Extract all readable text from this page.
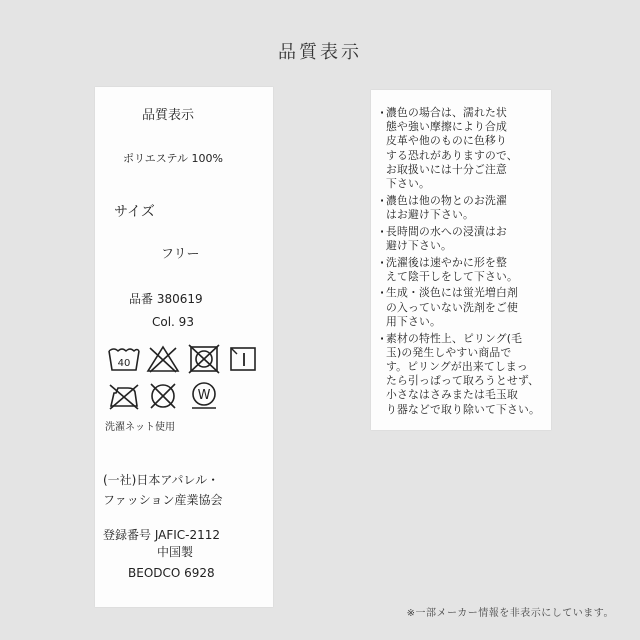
品質表示
品質表示
ポリエステル 100%
サイズ
フリー
品番 380619
Col. 93
40
W
洗濯ネット使用
(一社)日本アパレル・
ファッション産業協会
登録番号 JAFIC-2112
中国製
BEODCO 6928
· 濃色の場合は、濡れた状
態や強い摩擦により合成
皮革や他のものに色移り
する恐れがありますので、
お取扱いには十分ご注意
下さい。
· 濃色は他の物とのお洗濯
はお避け下さい。
· 長時間の水への浸漬はお
避け下さい。
· 洗濯後は速やかに形を整
えて陰干しをして下さい。
· 生成・淡色には蛍光増白剤
の入っていない洗剤をご使
用下さい。
· 素材の特性上、ピリング(毛
玉)の発生しやすい商品で
す。ピリングが出来てしまっ
たら引っぱって取ろうとせず、
小さなはさみまたは毛玉取
り器などで取り除いて下さい。
※一部メーカー情報を非表示にしています。
